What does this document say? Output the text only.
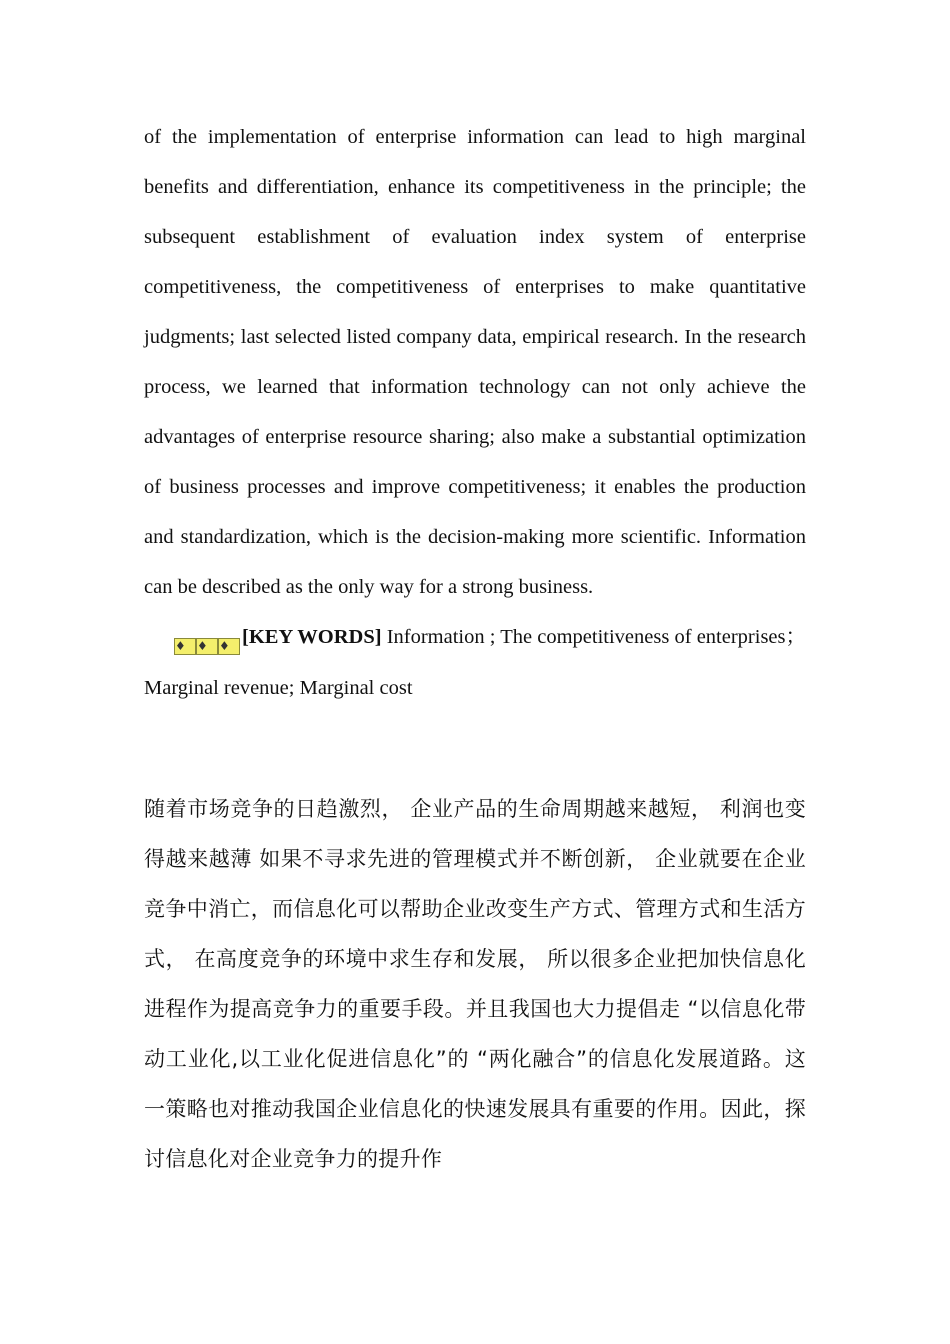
of the implementation of enterprise information can lead to high marginal benefits and differentiation, enhance its competitiveness in the principle; the subsequent establishment of evaluation index system of enterprise competitiveness, the competitiveness of enterprises to make quantitative judgments; last selected listed company data, empirical research. In the research process, we learned that information technology can not only achieve the advantages of enterprise resource sharing; also make a substantial optimization of business processes and improve competitiveness; it enables the production and standardization, which is the decision-making more scientific. Information can be described as the only way for a strong business.

♦ ♦ ♦ [KEY WORDS] Information ; The competitiveness of enterprises；Marginal revenue; Marginal cost

随着市场竞争的日趋激烈， 企业产品的生命周期越来越短， 利润也变得越来越薄 如果不寻求先进的管理模式并不断创新， 企业就要在企业竞争中消亡，而信息化可以帮助企业改变生产方式、管理方式和生活方式， 在高度竞争的环境中求生存和发展， 所以很多企业把加快信息化进程作为提高竞争力的重要手段。并且我国也大力提倡走 “以信息化带动工业化,以工业化促进信息化”的 “两化融合”的信息化发展道路。这一策略也对推动我国企业信息化的快速发展具有重要的作用。因此，探讨信息化对企业竞争力的提升作
